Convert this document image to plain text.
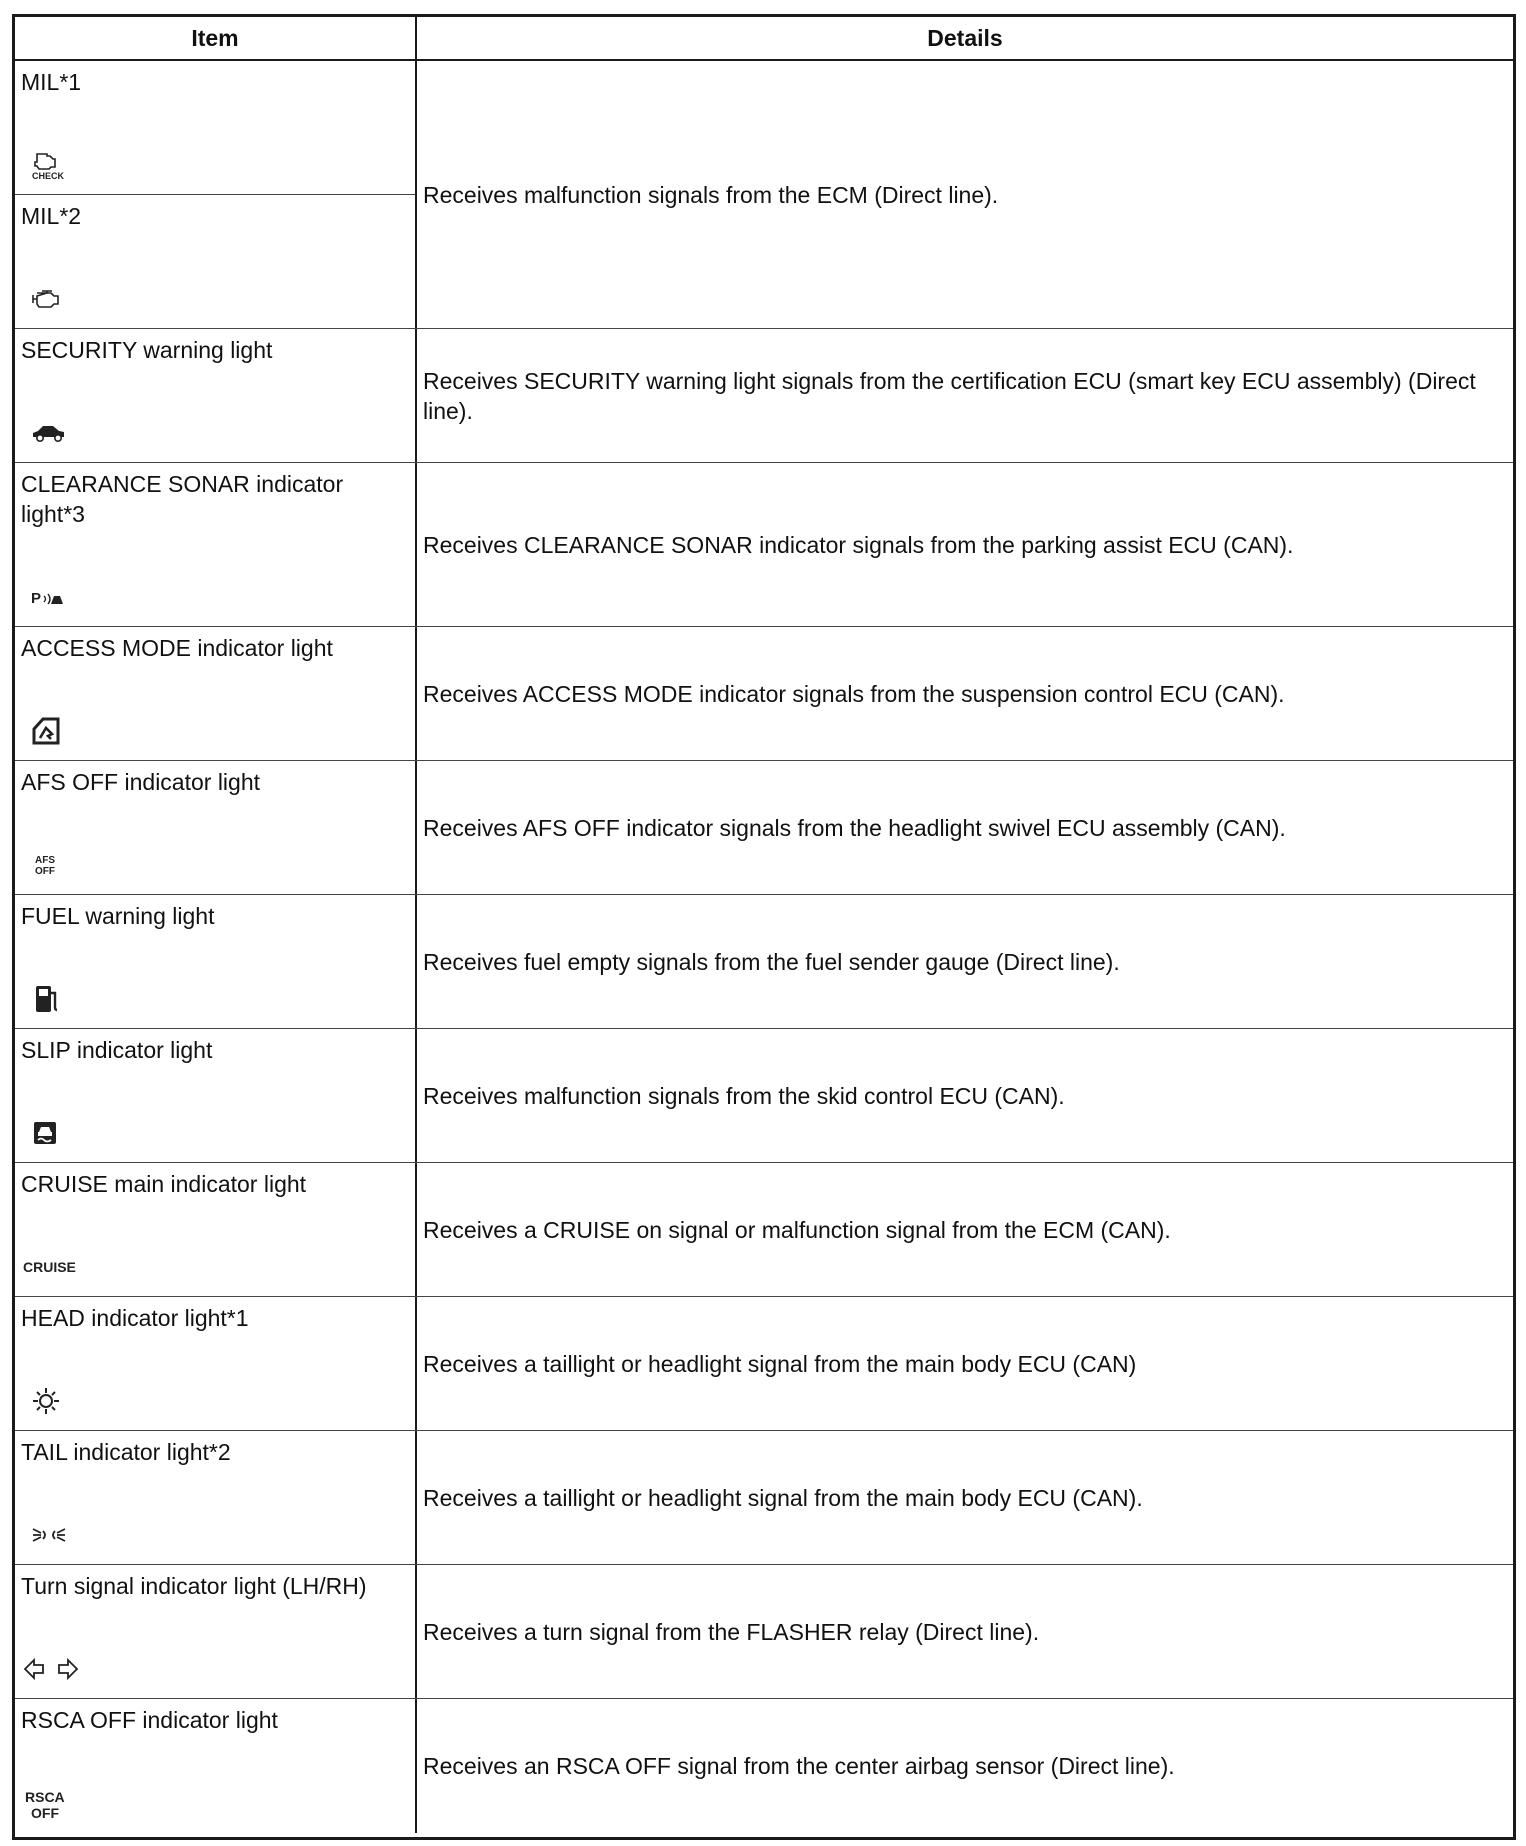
Item	Details
MIL*1
CHECK
MIL*2
Receives malfunction signals from the ECM (Direct line).
SECURITY warning light
Receives SECURITY warning light signals from the certification ECU (smart key ECU assembly) (Direct line).
CLEARANCE SONAR indicator light*3
P
Receives CLEARANCE SONAR indicator signals from the parking assist ECU (CAN).
ACCESS MODE indicator light
Receives ACCESS MODE indicator signals from the suspension control ECU (CAN).
AFS OFF indicator light
AFS
OFF
Receives AFS OFF indicator signals from the headlight swivel ECU assembly (CAN).
FUEL warning light
Receives fuel empty signals from the fuel sender gauge (Direct line).
SLIP indicator light
Receives malfunction signals from the skid control ECU (CAN).
CRUISE main indicator light
CRUISE
Receives a CRUISE on signal or malfunction signal from the ECM (CAN).
HEAD indicator light*1
Receives a taillight or headlight signal from the main body ECU (CAN)
TAIL indicator light*2
Receives a taillight or headlight signal from the main body ECU (CAN).
Turn signal indicator light (LH/RH)
Receives a turn signal from the FLASHER relay (Direct line).
RSCA OFF indicator light
RSCA
OFF
Receives an RSCA OFF signal from the center airbag sensor (Direct line).
